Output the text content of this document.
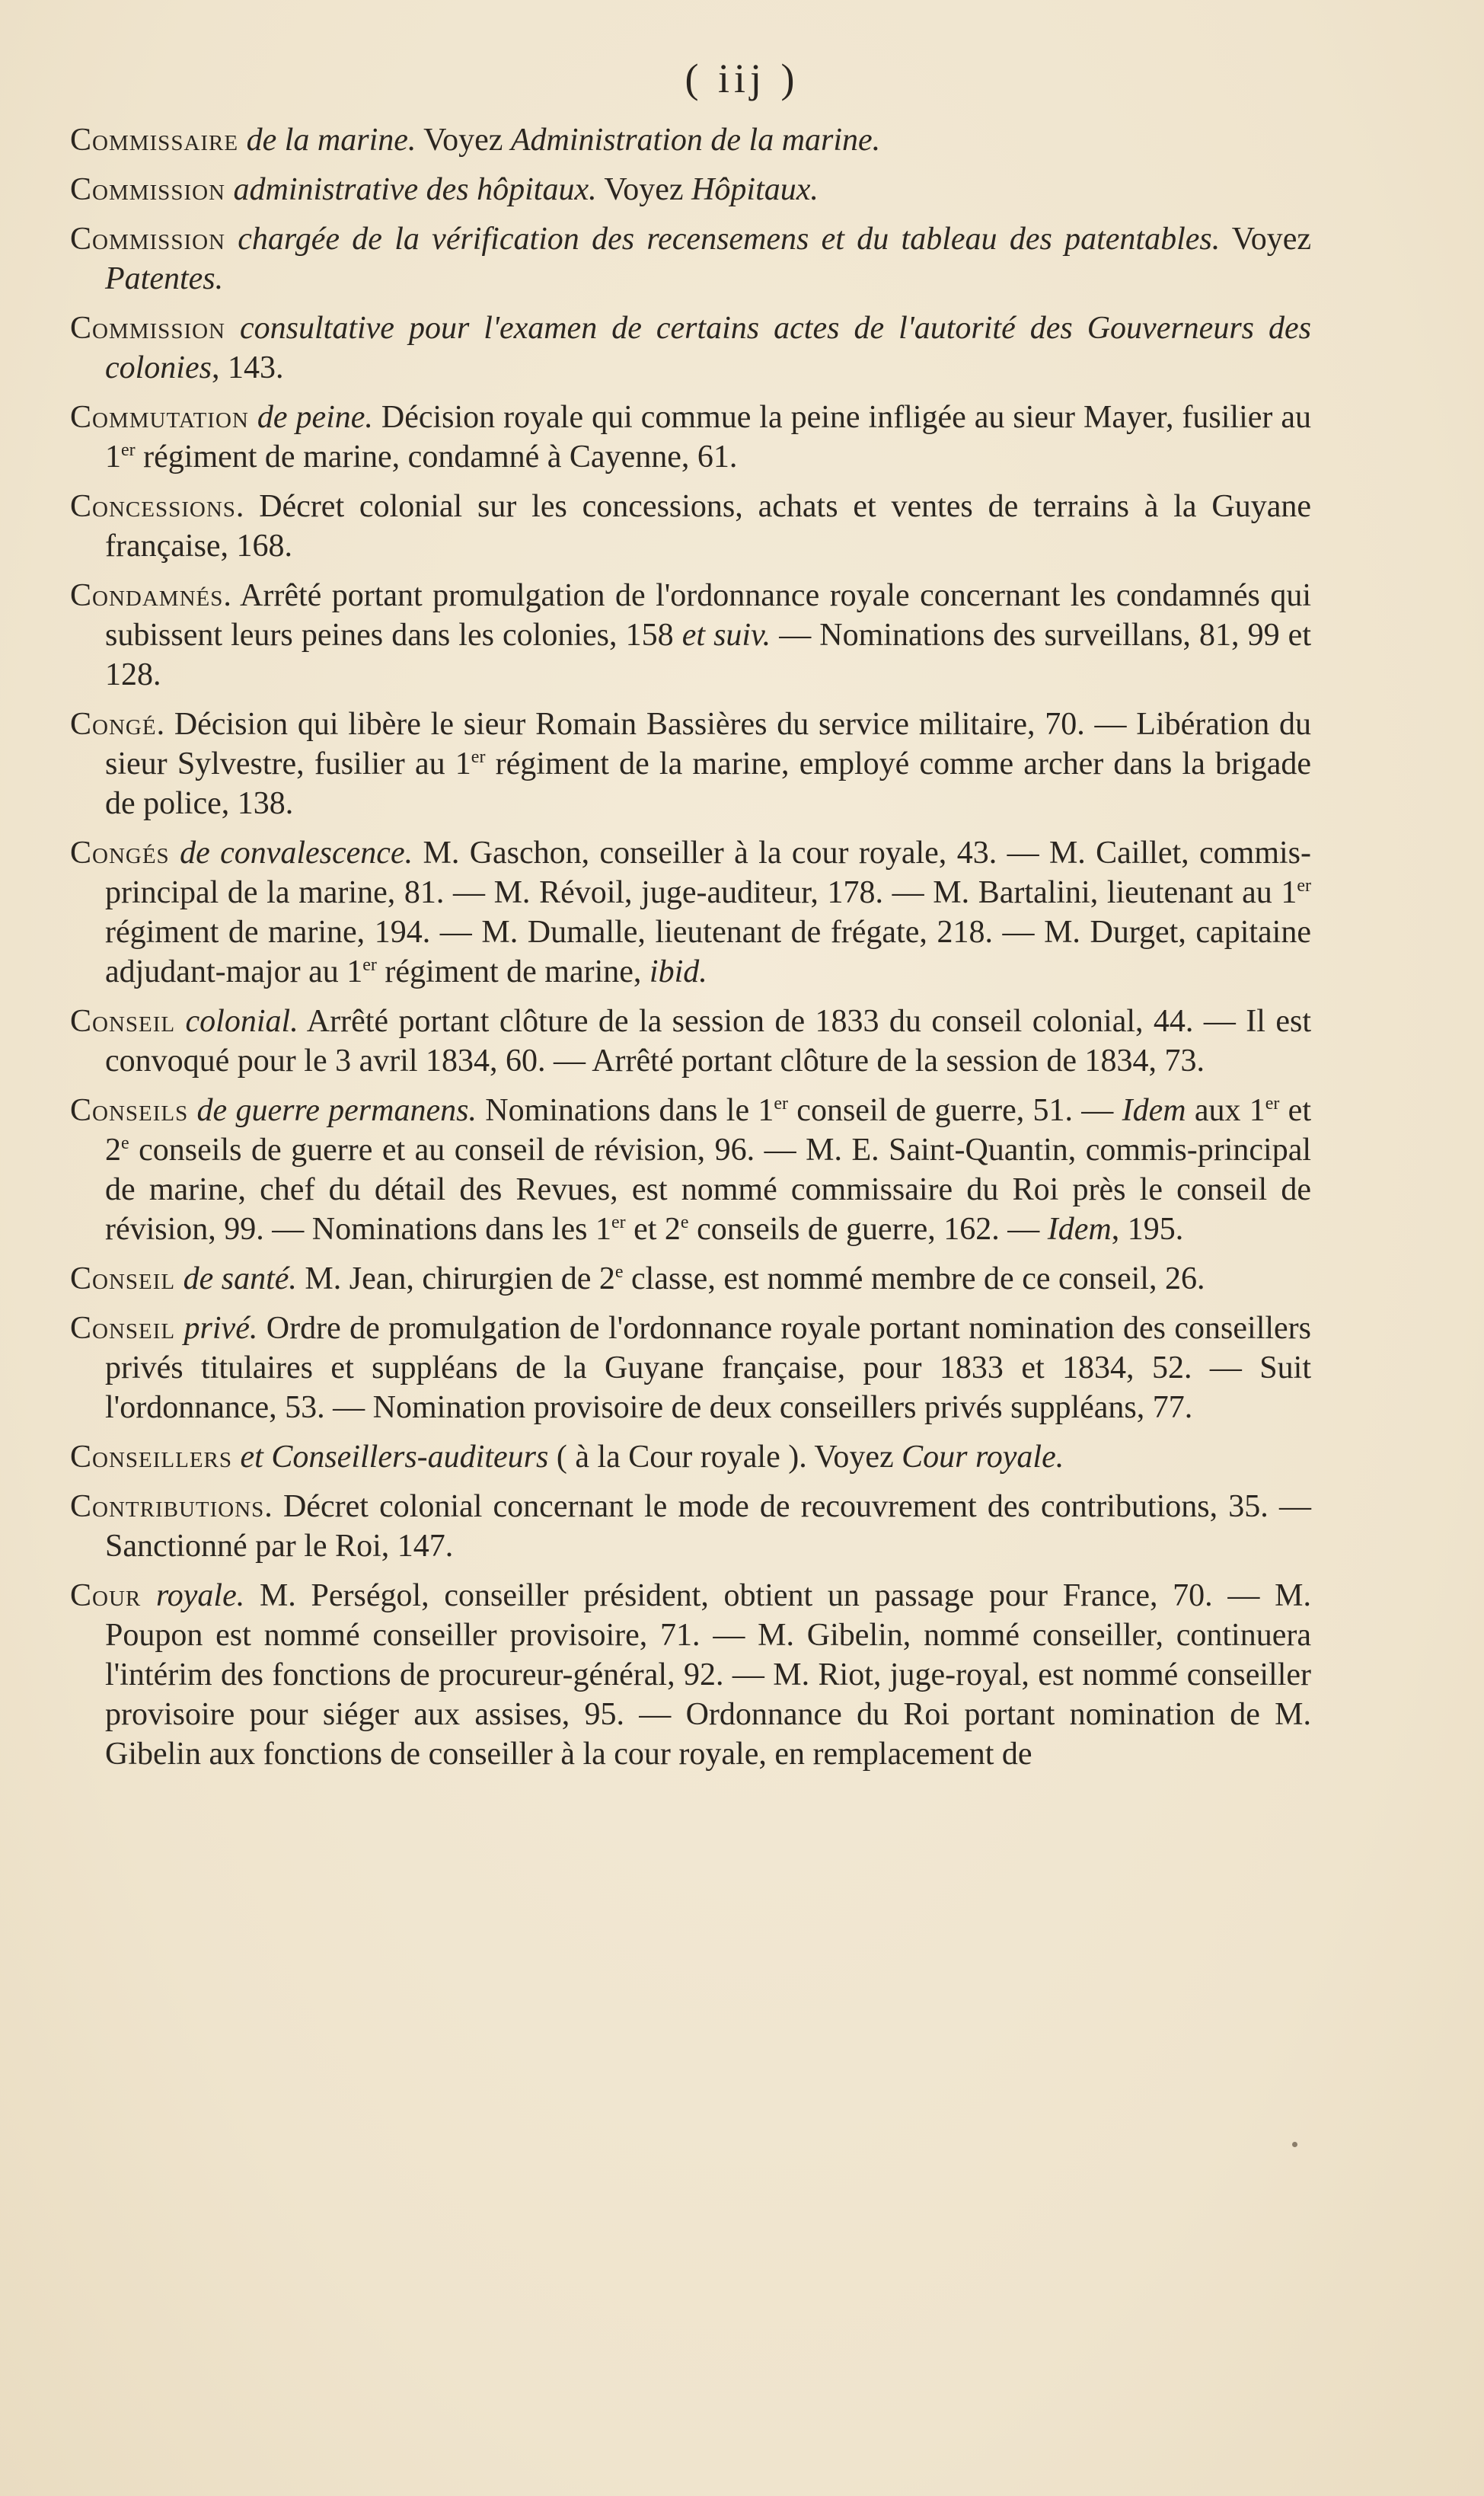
( iij )

Commissaire de la marine. Voyez Administration de la marine.

Commission administrative des hôpitaux. Voyez Hôpitaux.

Commission chargée de la vérification des recensemens et du tableau des patentables. Voyez Patentes.

Commission consultative pour l'examen de certains actes de l'autorité des Gouverneurs des colonies, 143.

Commutation de peine. Décision royale qui commue la peine infligée au sieur Mayer, fusilier au 1er régiment de marine, condamné à Cayenne, 61.

Concessions. Décret colonial sur les concessions, achats et ventes de terrains à la Guyane française, 168.

Condamnés. Arrêté portant promulgation de l'ordonnance royale concernant les condamnés qui subissent leurs peines dans les colonies, 158 et suiv. — Nominations des surveillans, 81, 99 et 128.

Congé. Décision qui libère le sieur Romain Bassières du service militaire, 70. — Libération du sieur Sylvestre, fusilier au 1er régiment de la marine, employé comme archer dans la brigade de police, 138.

Congés de convalescence. M. Gaschon, conseiller à la cour royale, 43. — M. Caillet, commis-principal de la marine, 81. — M. Révoil, juge-auditeur, 178. — M. Bartalini, lieutenant au 1er régiment de marine, 194. — M. Dumalle, lieutenant de frégate, 218. — M. Durget, capitaine adjudant-major au 1er régiment de marine, ibid.

Conseil colonial. Arrêté portant clôture de la session de 1833 du conseil colonial, 44. — Il est convoqué pour le 3 avril 1834, 60. — Arrêté portant clôture de la session de 1834, 73.

Conseils de guerre permanens. Nominations dans le 1er conseil de guerre, 51. — Idem aux 1er et 2e conseils de guerre et au conseil de révision, 96. — M. E. Saint-Quantin, commis-principal de marine, chef du détail des Revues, est nommé commissaire du Roi près le conseil de révision, 99. — Nominations dans les 1er et 2e conseils de guerre, 162. — Idem, 195.

Conseil de santé. M. Jean, chirurgien de 2e classe, est nommé membre de ce conseil, 26.

Conseil privé. Ordre de promulgation de l'ordonnance royale portant nomination des conseillers privés titulaires et suppléans de la Guyane française, pour 1833 et 1834, 52. — Suit l'ordonnance, 53. — Nomination provisoire de deux conseillers privés suppléans, 77.

Conseillers et Conseillers-auditeurs ( à la Cour royale ). Voyez Cour royale.

Contributions. Décret colonial concernant le mode de recouvrement des contributions, 35. — Sanctionné par le Roi, 147.

Cour royale. M. Perségol, conseiller président, obtient un passage pour France, 70. — M. Poupon est nommé conseiller provisoire, 71. — M. Gibelin, nommé conseiller, continuera l'intérim des fonctions de procureur-général, 92. — M. Riot, juge-royal, est nommé conseiller provisoire pour siéger aux assises, 95. — Ordonnance du Roi portant nomination de M. Gibelin aux fonctions de conseiller à la cour royale, en remplacement de
